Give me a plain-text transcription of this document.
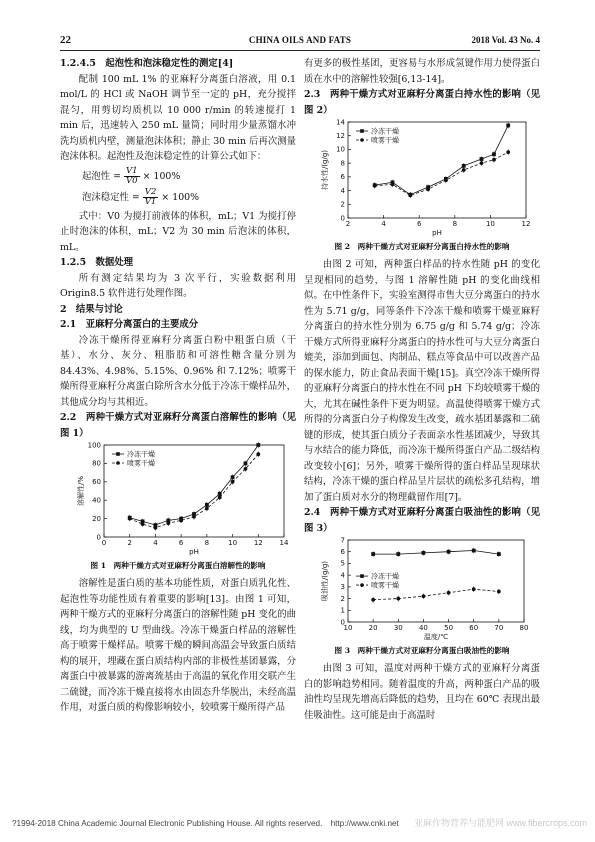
22	CHINA OILS AND FATS	2018 Vol. 43 No. 4

1.2.4.5　起泡性和泡沫稳定性的测定[4]

配制 100 mL 1% 的亚麻籽分离蛋白溶液，用 0.1 mol/L 的 HCl 或 NaOH 调节至一定的 pH，充分搅拌混匀，用剪切均质机以 10 000 r/min 的转速搅打 1 min 后，迅速转入 250 mL 量筒；同时用少量蒸馏水冲洗均质机内壁，测量泡沫体积；静止 30 min 后再次测量泡沫体积。起泡性及泡沫稳定性的计算公式如下：

起泡性 = $\frac{V1}{V0} \times 100\%$
泡沫稳定性 = $\frac{V2}{V1} \times 100\%$

式中：V0 为搅打前液体的体积，mL；V1 为搅打停止时泡沫的体积，mL；V2 为 30 min 后泡沫的体积，mL。

1.2.5　数据处理

所有测定结果均为 3 次平行，实验数据利用 Origin8.5 软件进行处理作图。

2　结果与讨论

2.1　亚麻籽分离蛋白的主要成分

冷冻干燥所得亚麻籽分离蛋白粉中粗蛋白质（干基）、水分、灰分、粗脂肪和可溶性糖含量分别为 84.43%、4.98%、5.15%、0.96% 和 7.12%；喷雾干燥所得亚麻籽分离蛋白除所含水分低于冷冻干燥样品外，其他成分均与其相近。

2.2　两种干燥方式对亚麻籽分离蛋白溶解性的影响（见图 1）

0	2	4	6	8	10 12 14
0
20
40
60
80
100
pH
溶解性/%
冷冻干燥
喷雾干燥
图 1　两种干燥方式对亚麻籽分离蛋白溶解性的影响

溶解性是蛋白质的基本功能性质，对蛋白质乳化性、起泡性等功能性质有着重要的影响[13]。由图 1 可知，两种干燥方式的亚麻籽分离蛋白的溶解性随 pH 变化的曲线，均为典型的 U 型曲线。冷冻干燥蛋白样品的溶解性高于喷雾干燥样品。喷雾干燥的瞬间高温会导致蛋白质结构的展开，埋藏在蛋白质结构内部的非极性基团暴露，分离蛋白中被暴露的游离巯基由于高温的氧化作用交联产生二硫键，而冷冻干燥直接将水由固态升华脱出，未经高温作用，对蛋白质的构像影响较小，较喷雾干燥所得产品

有更多的极性基团，更容易与水形成氢键作用力使得蛋白质在水中的溶解性较强[6,13-14]。

2.3　两种干燥方式对亚麻籽分离蛋白持水性的影响（见图 2）

2	4	6	8	10	12
0
2
4
6
8
10
12
14
pH
持水性/(g/g)
冷冻干燥
喷雾干燥
图 2　两种干燥方式对亚麻籽分离蛋白持水性的影响

由图 2 可知，两种蛋白样品的持水性随 pH 的变化呈现相同的趋势，与图 1 溶解性随 pH 的变化曲线相似。在中性条件下，实验室测得市售大豆分离蛋白的持水性为 5.71 g/g，同等条件下冷冻干燥和喷雾干燥亚麻籽分离蛋白的持水性分别为 6.75 g/g 和 5.74 g/g；冷冻干燥方式所得亚麻籽分离蛋白的持水性可与大豆分离蛋白媲美，添加到面包、肉制品、糕点等食品中可以改善产品的保水能力，防止食品表面干燥[15]。真空冷冻干燥所得的亚麻籽分离蛋白的持水性在不同 pH 下均较喷雾干燥的大，尤其在碱性条件下更为明显。高温使得喷雾干燥方式所得的分离蛋白分子构像发生改变，疏水基团暴露和二硫键的形成，使其蛋白质分子表面亲水性基团减少，导致其与水结合的能力降低，而冷冻干燥所得蛋白产品二级结构改变较小[6]；另外，喷雾干燥所得的蛋白样品呈现球状结构，冷冻干燥的蛋白样品呈片层状的疏松多孔结构，增加了蛋白质对水分的物理截留作用[7]。

2.4　两种干燥方式对亚麻籽分离蛋白吸油性的影响（见图 3）

10 20 30 40 50 60 70 80
0
1
2
3
4
5
6
7
温度/℃
吸油性/(g/g)	冷冻干燥
喷雾干燥
图 3　两种干燥方式对亚麻籽分离蛋白吸油性的影响

由图 3 可知，温度对两种干燥方式的亚麻籽分离蛋白的影响趋势相同。随着温度的升高，两种蛋白产品的吸油性均呈现先增高后降低的趋势，且均在 60℃ 表现出最佳吸油性。这可能是由于高温时

?1994-2018 China Academic Journal Electronic Publishing House. All rights reserved.　http://www.cnki.net 亚麻作物营养与能肥网 www.fibercrops.com
